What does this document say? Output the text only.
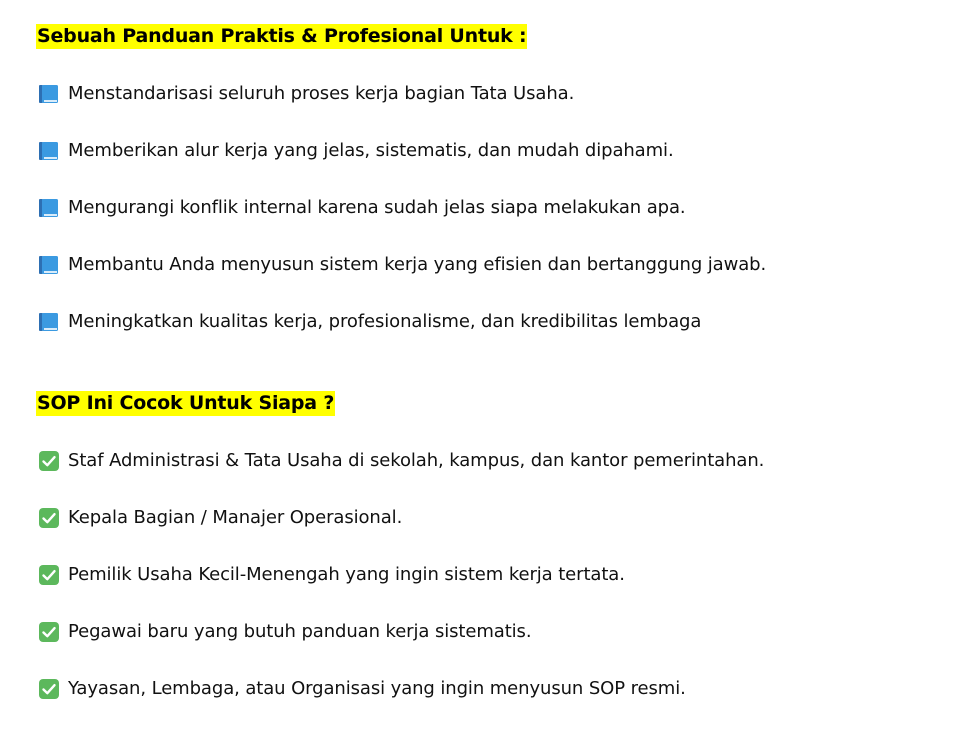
Sebuah Panduan Praktis & Profesional Untuk :
Menstandarisasi seluruh proses kerja bagian Tata Usaha.
Memberikan alur kerja yang jelas, sistematis, dan mudah dipahami.
Mengurangi konflik internal karena sudah jelas siapa melakukan apa.
Membantu Anda menyusun sistem kerja yang efisien dan bertanggung jawab.
Meningkatkan kualitas kerja, profesionalisme, dan kredibilitas lembaga
SOP Ini Cocok Untuk Siapa ?
Staf Administrasi & Tata Usaha di sekolah, kampus, dan kantor pemerintahan.
Kepala Bagian / Manajer Operasional.
Pemilik Usaha Kecil-Menengah yang ingin sistem kerja tertata.
Pegawai baru yang butuh panduan kerja sistematis.
Yayasan, Lembaga, atau Organisasi yang ingin menyusun SOP resmi.
